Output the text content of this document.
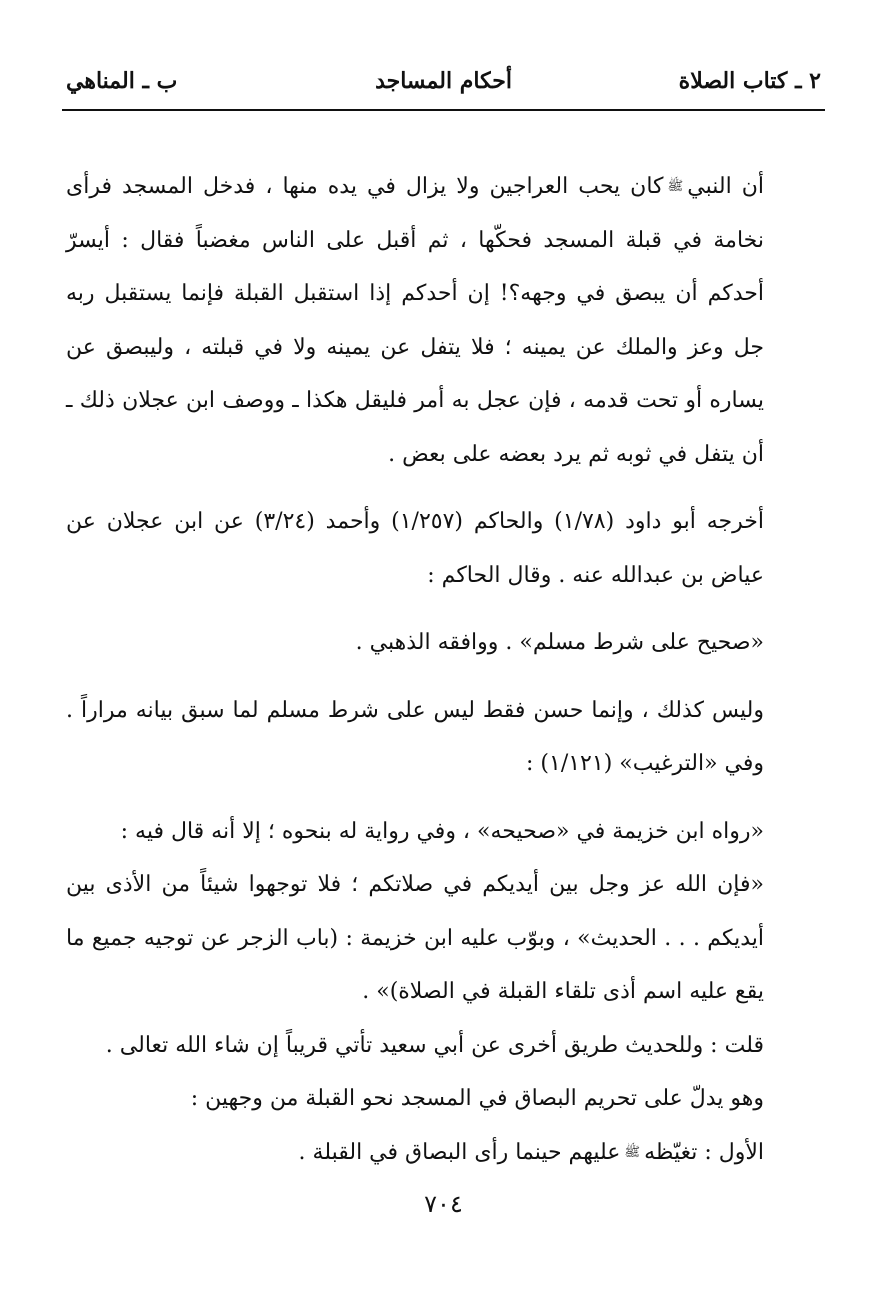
٢ ـ كتاب الصلاة
أحكام المساجد
ب ـ المناهي

أن النبيﷺكان يحب العراجين ولا يزال في يده منها ، فدخل المسجد فرأى نخامة في قبلة المسجد فحكّها ، ثم أقبل على الناس مغضباً فقال : أيسرّ أحدكم أن يبصق في وجهه؟! إن أحدكم إذا استقبل القبلة فإنما يستقبل ربه جل وعز والملك عن يمينه ؛ فلا يتفل عن يمينه ولا في قبلته ، وليبصق عن يساره أو تحت قدمه ، فإن عجل به أمر فليقل هكذا ـ ووصف ابن عجلان ذلك ـ أن يتفل في ثوبه ثم يرد بعضه على بعض .

أخرجه أبو داود (١/٧٨) والحاكم (١/٢٥٧) وأحمد (٣/٢٤) عن ابن عجلان عن عياض بن عبدالله عنه . وقال الحاكم :

«صحيح على شرط مسلم» . ووافقه الذهبي .

وليس كذلك ، وإنما حسن فقط ليس على شرط مسلم لما سبق بيانه مراراً . وفي «الترغيب» (١/١٢١) :

«رواه ابن خزيمة في «صحيحه» ، وفي رواية له بنحوه ؛ إلا أنه قال فيه :

«فإن الله عز وجل بين أيديكم في صلاتكم ؛ فلا توجهوا شيئاً من الأذى بين أيديكم . . . الحديث» ، وبوّب عليه ابن خزيمة : (باب الزجر عن توجيه جميع ما يقع عليه اسم أذى تلقاء القبلة في الصلاة)» .

قلت : وللحديث طريق أخرى عن أبي سعيد تأتي قريباً إن شاء الله تعالى .

وهو يدلّ على تحريم البصاق في المسجد نحو القبلة من وجهين :

الأول : تغيّظهﷺعليهم حينما رأى البصاق في القبلة .

٧٠٤
